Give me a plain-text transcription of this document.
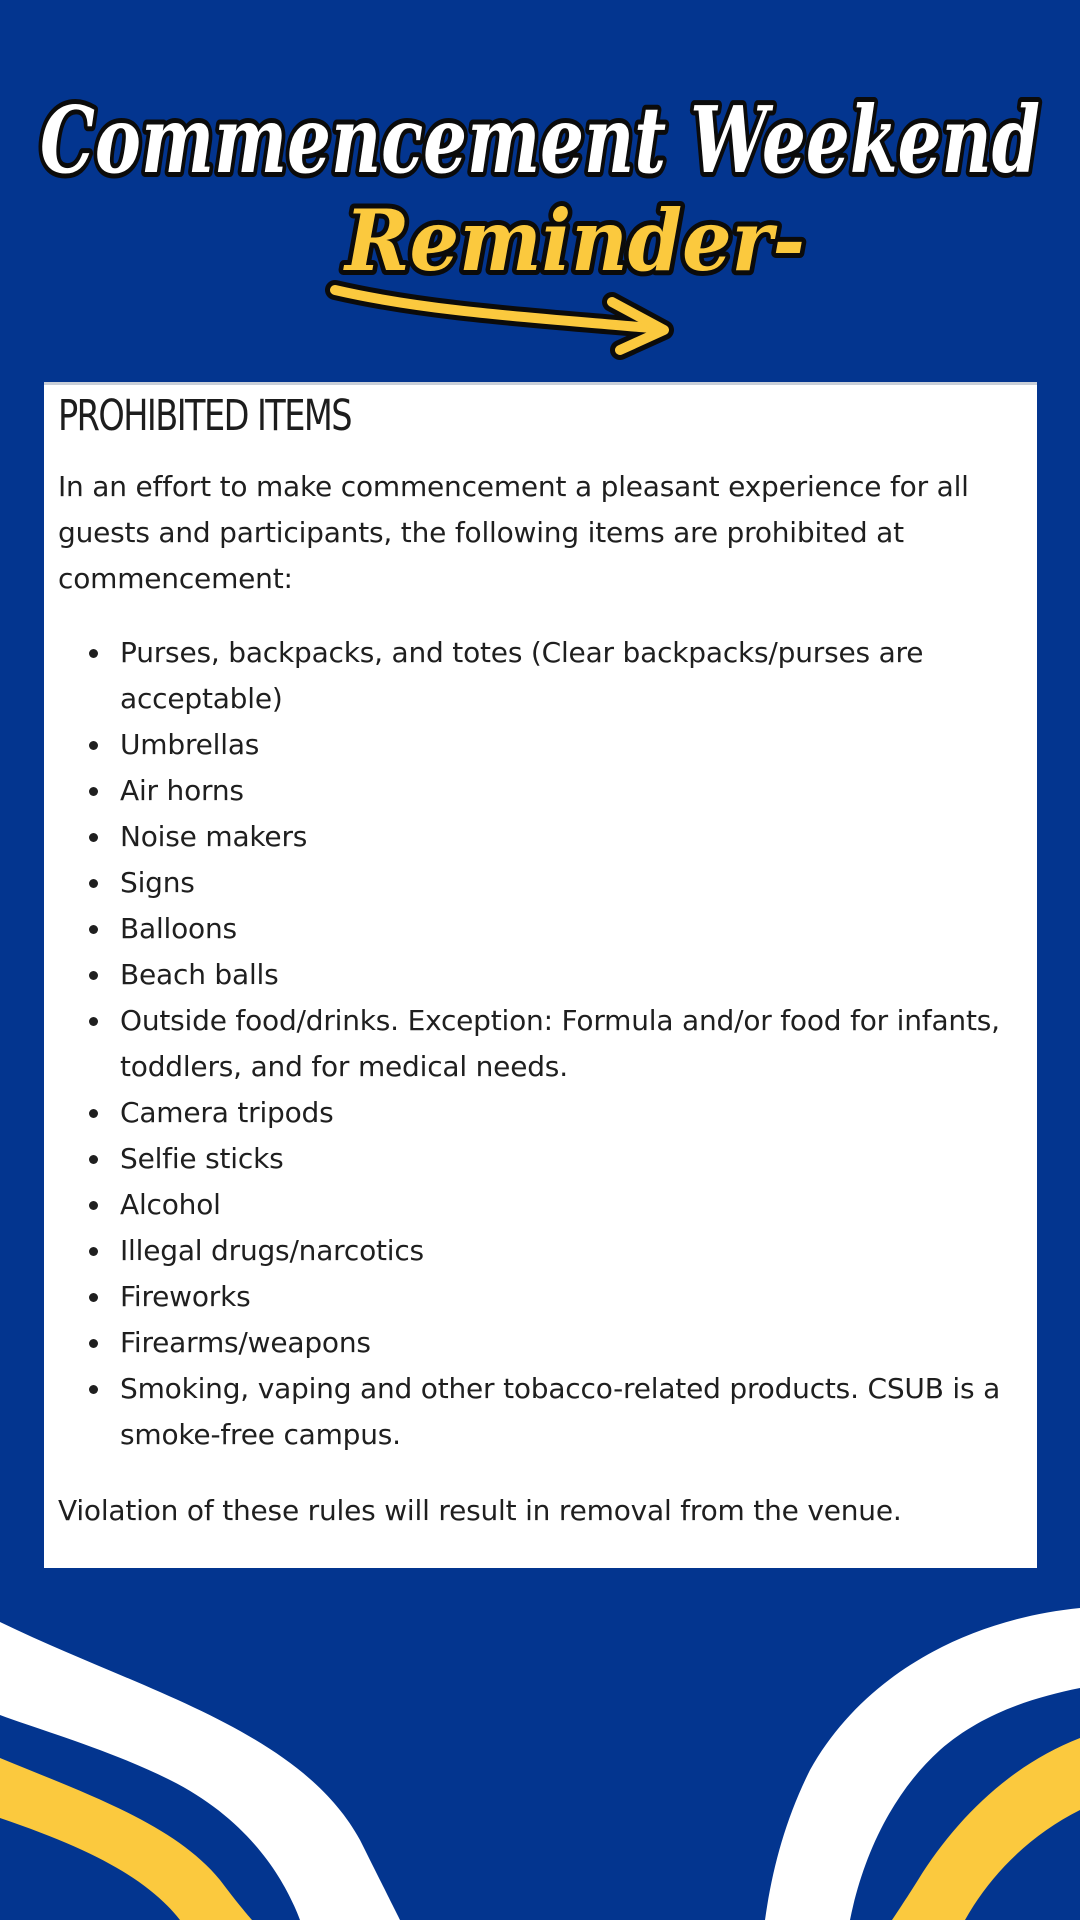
Commencement Weekend
Reminder-
PROHIBITED ITEMS

In an effort to make commencement a pleasant experience for all guests and participants, the following items are prohibited at commencement:

Purses, backpacks, and totes (Clear backpacks/purses are acceptable)
Umbrellas
Air horns
Noise makers
Signs
Balloons
Beach balls
Outside food/drinks. Exception: Formula and/or food for infants, toddlers, and for medical needs.
Camera tripods
Selfie sticks
Alcohol
Illegal drugs/narcotics
Fireworks
Firearms/weapons
Smoking, vaping and other tobacco-related products. CSUB is a smoke-free campus.

Violation of these rules will result in removal from the venue.
